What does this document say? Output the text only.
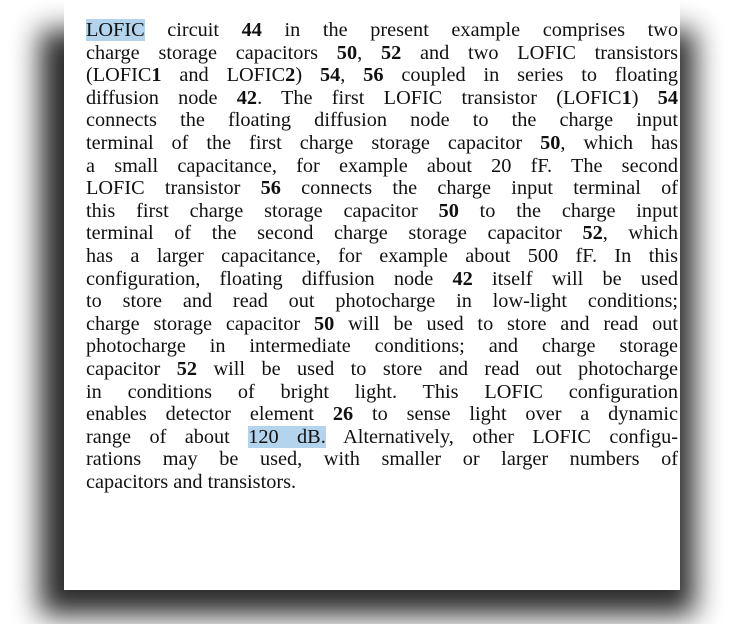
LOFIC circuit 44 in the present example comprises two
charge storage capacitors 50, 52 and two LOFIC transistors
(LOFIC1 and LOFIC2) 54, 56 coupled in series to floating
diffusion node 42. The first LOFIC transistor (LOFIC1) 54
connects the floating diffusion node to the charge input
terminal of the first charge storage capacitor 50, which has
a small capacitance, for example about 20 fF. The second
LOFIC transistor 56 connects the charge input terminal of
this first charge storage capacitor 50 to the charge input
terminal of the second charge storage capacitor 52, which
has a larger capacitance, for example about 500 fF. In this
configuration, floating diffusion node 42 itself will be used
to store and read out photocharge in low-light conditions;
charge storage capacitor 50 will be used to store and read out
photocharge in intermediate conditions; and charge storage
capacitor 52 will be used to store and read out photocharge
in conditions of bright light. This LOFIC configuration
enables detector element 26 to sense light over a dynamic
range of about 120 dB. Alternatively, other LOFIC configu-
rations may be used, with smaller or larger numbers of
capacitors and transistors.
